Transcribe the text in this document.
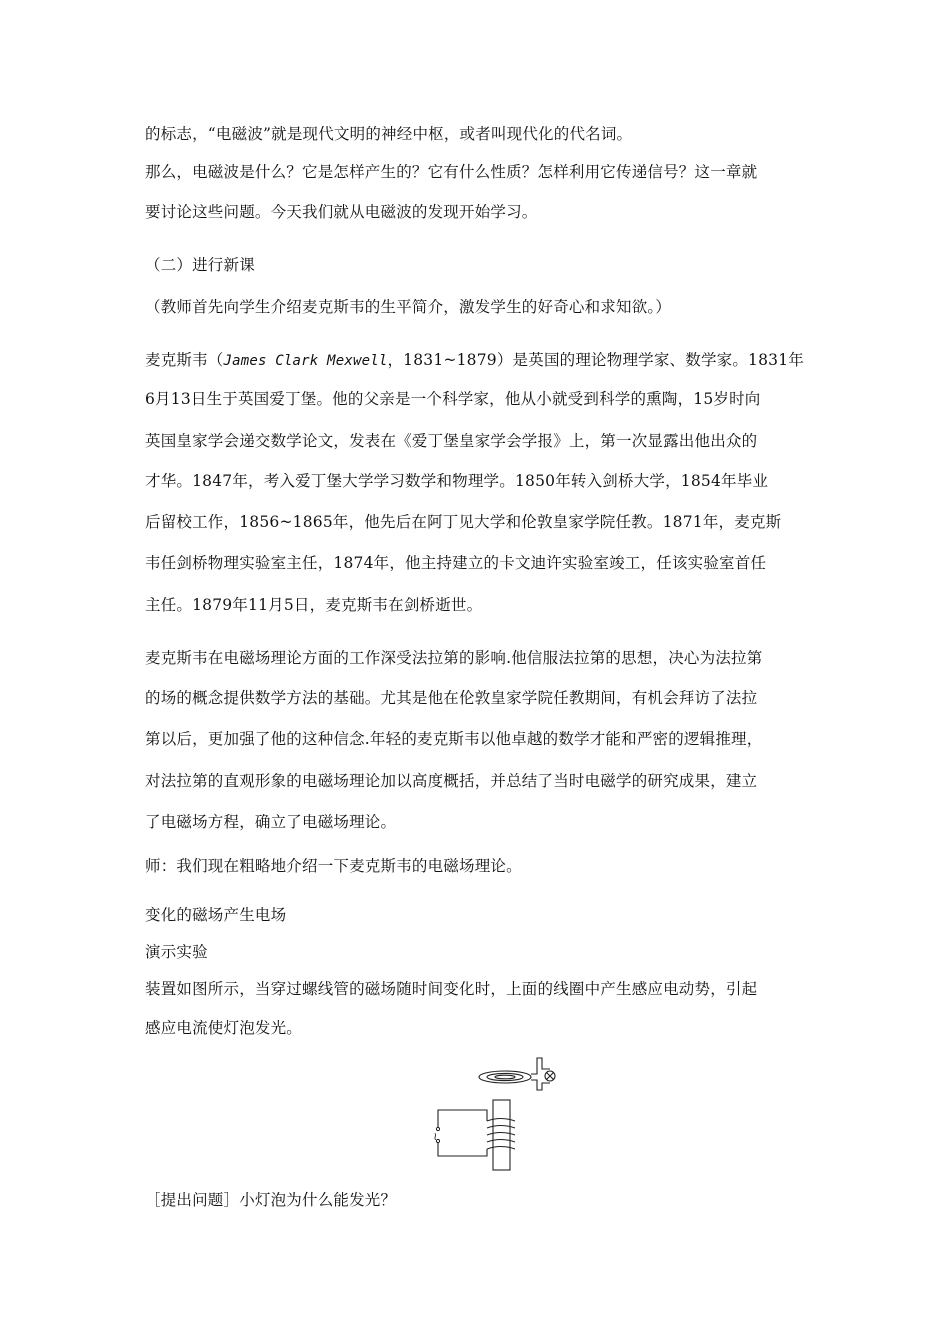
的标志，“电磁波”就是现代文明的神经中枢，或者叫现代化的代名词。

那么，电磁波是什么？它是怎样产生的？它有什么性质？怎样利用它传递信号？这一章就

要讨论这些问题。今天我们就从电磁波的发现开始学习。

（二）进行新课

（教师首先向学生介绍麦克斯韦的生平简介，激发学生的好奇心和求知欲。）

麦克斯韦（James Clark Mexwell，1831~1879）是英国的理论物理学家、数学家。1831年

6月13日生于英国爱丁堡。他的父亲是一个科学家，他从小就受到科学的熏陶，15岁时向

英国皇家学会递交数学论文，发表在《爱丁堡皇家学会学报》上，第一次显露出他出众的

才华。1847年，考入爱丁堡大学学习数学和物理学。1850年转入剑桥大学，1854年毕业

后留校工作，1856~1865年，他先后在阿丁见大学和伦敦皇家学院任教。1871年，麦克斯

韦任剑桥物理实验室主任，1874年，他主持建立的卡文迪许实验室竣工，任该实验室首任

主任。1879年11月5日，麦克斯韦在剑桥逝世。

麦克斯韦在电磁场理论方面的工作深受法拉第的影响.他信服法拉第的思想，决心为法拉第

的场的概念提供数学方法的基础。尤其是他在伦敦皇家学院任教期间，有机会拜访了法拉

第以后，更加强了他的这种信念.年轻的麦克斯韦以他卓越的数学才能和严密的逻辑推理，

对法拉第的直观形象的电磁场理论加以高度概括，并总结了当时电磁学的研究成果，建立

了电磁场方程，确立了电磁场理论。

师：我们现在粗略地介绍一下麦克斯韦的电磁场理论。

变化的磁场产生电场

演示实验

装置如图所示，当穿过螺线管的磁场随时间变化时，上面的线圈中产生感应电动势，引起

感应电流使灯泡发光。

~

［提出问题］小灯泡为什么能发光？
